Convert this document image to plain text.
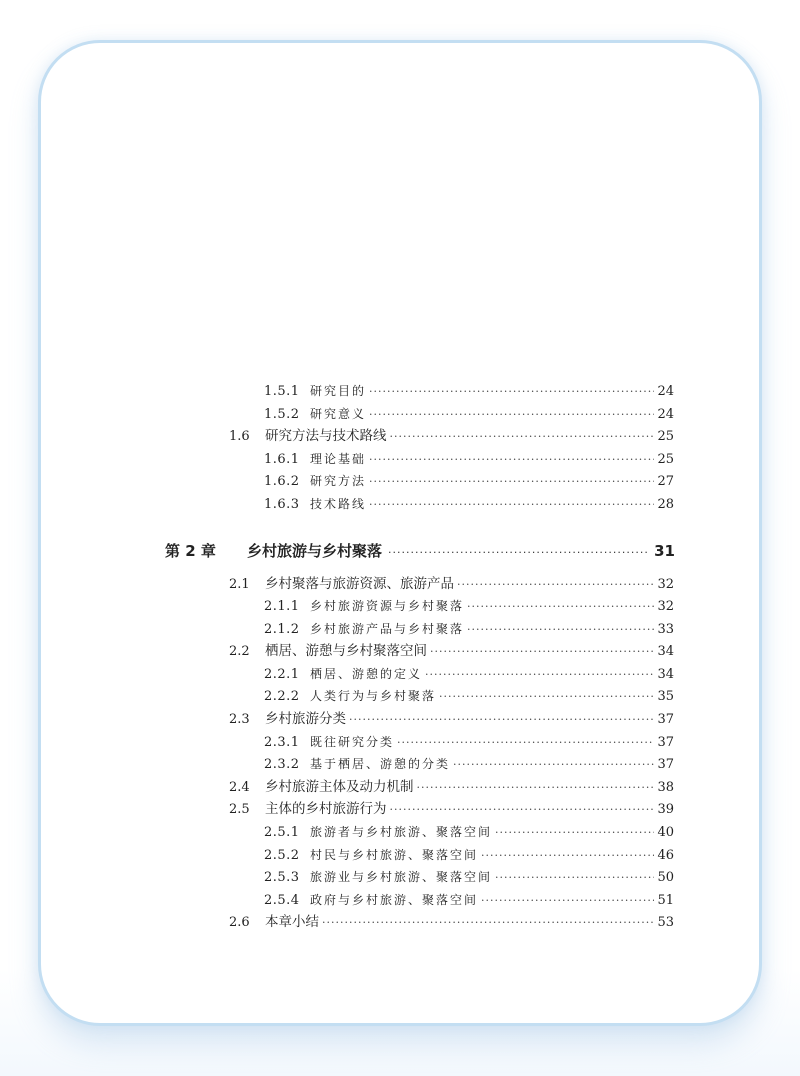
1.5.1 研究目的 ·····	24
1.5.2 研究意义 ·····	24
1.6	研究方法与技术路线 ·····	25
1.6.1 理论基础 ·····	25
1.6.2 研究方法 ·····	27
1.6.3 技术路线 ·····	28
第 2 章	乡村旅游与乡村聚落 ·····	31
2.1	乡村聚落与旅游资源、旅游产品 ·····	32
2.1.1 乡村旅游资源与乡村聚落 ·····	32
2.1.2 乡村旅游产品与乡村聚落 ·····	33
2.2	栖居、游憩与乡村聚落空间 ·····	34
2.2.1 栖居、游憩的定义 ·····	34
2.2.2 人类行为与乡村聚落 ·····	35
2.3	乡村旅游分类 ·····	37
2.3.1 既往研究分类 ·····	37
2.3.2 基于栖居、游憩的分类 ·····	37
2.4	乡村旅游主体及动力机制 ·····	38
2.5	主体的乡村旅游行为 ·····	39
2.5.1 旅游者与乡村旅游、聚落空间 ·····	40
2.5.2 村民与乡村旅游、聚落空间 ·····	46
2.5.3 旅游业与乡村旅游、聚落空间 ·····	50
2.5.4 政府与乡村旅游、聚落空间 ·····	51
2.6	本章小结 ·····	53
